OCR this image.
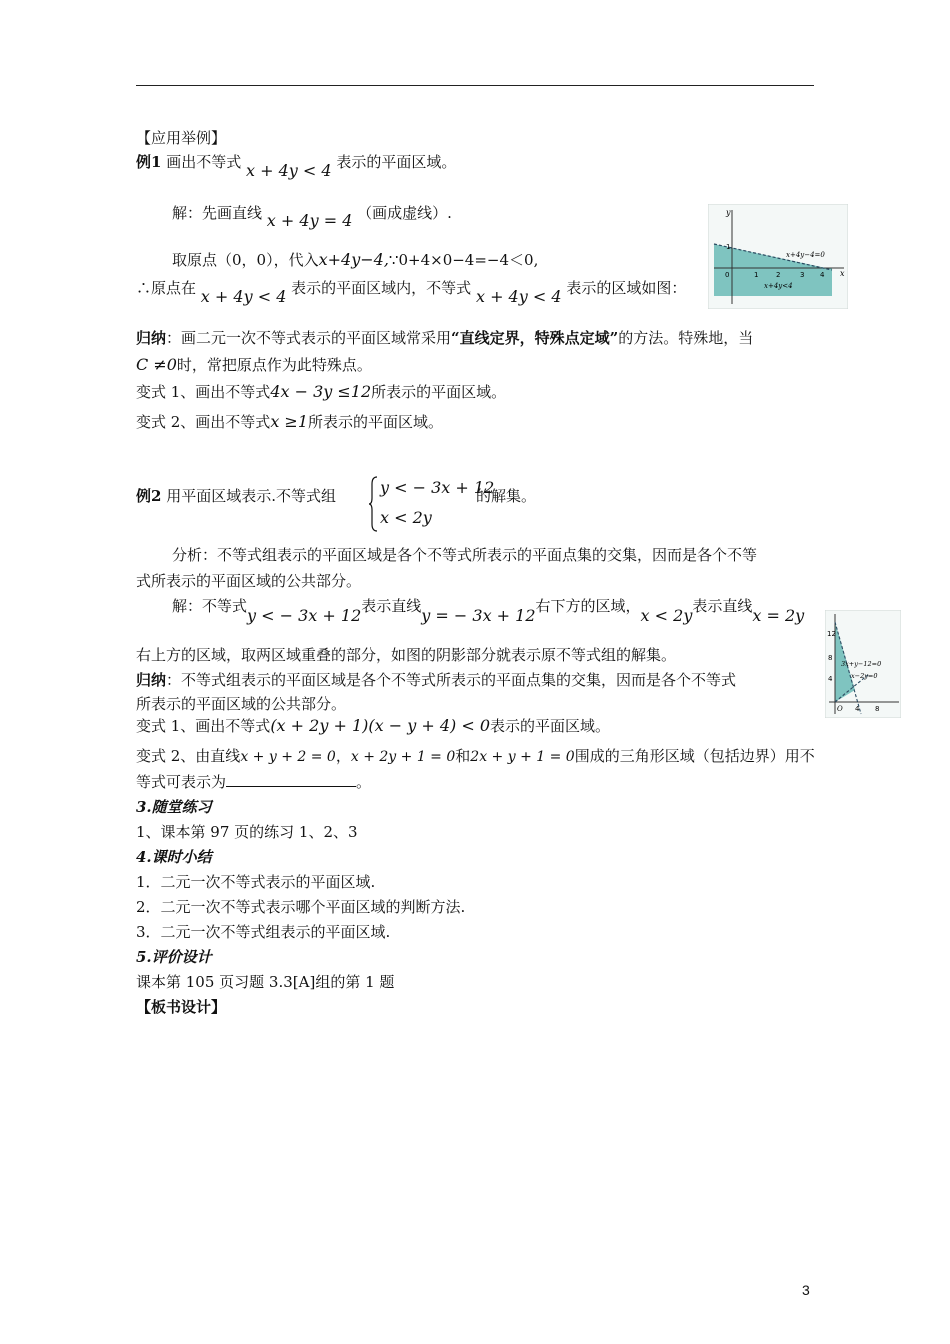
【应用举例】
例1 画出不等式 x + 4y < 4 表示的平面区域。
解：先画直线 x + 4y = 4 （画成虚线）.
取原点（0，0），代入x+4y−4,∵0+4×0−4=−4＜0,
∴原点在 x + 4y < 4 表示的平面区域内，不等式 x + 4y < 4 表示的区域如图：
y
x
1
0	1	2	3 4
x+4y−4=0
x+4y<4
归纳：画二元一次不等式表示的平面区域常采用“直线定界，特殊点定域”的方法。特殊地，当
C ≠0时，常把原点作为此特殊点。
变式 1、画出不等式4x − 3y ≤12所表示的平面区域。
变式 2、画出不等式x ≥1所表示的平面区域。
例2 用平面区域表示.不等式组	y < − 3x + 12
x < 2y
的解集。
分析：不等式组表示的平面区域是各个不等式所表示的平面点集的交集，因而是各个不等
式所表示的平面区域的公共部分。
解：不等式y < − 3x + 12表示直线y = − 3x + 12右下方的区域，x < 2y表示直线x = 2y
右上方的区域，取两区域重叠的部分，如图的阴影部分就表示原不等式组的解集。
12
8
4
O 4 8
3x+y−12=0
x−2y=0
归纳：不等式组表示的平面区域是各个不等式所表示的平面点集的交集，因而是各个不等式
所表示的平面区域的公共部分。
变式 1、画出不等式(x + 2y + 1)(x − y + 4) < 0表示的平面区域。
变式 2、由直线x + y + 2 = 0，x + 2y + 1 = 0和2x + y + 1 = 0围成的三角形区域（包括边界）用不
等式可表示为	。
3.随堂练习
1、课本第 97 页的练习 1、2、3
4.课时小结
1．二元一次不等式表示的平面区域.
2．二元一次不等式表示哪个平面区域的判断方法.
3．二元一次不等式组表示的平面区域.
5.评价设计
课本第 105 页习题 3.3[A]组的第 1 题
【板书设计】
3
